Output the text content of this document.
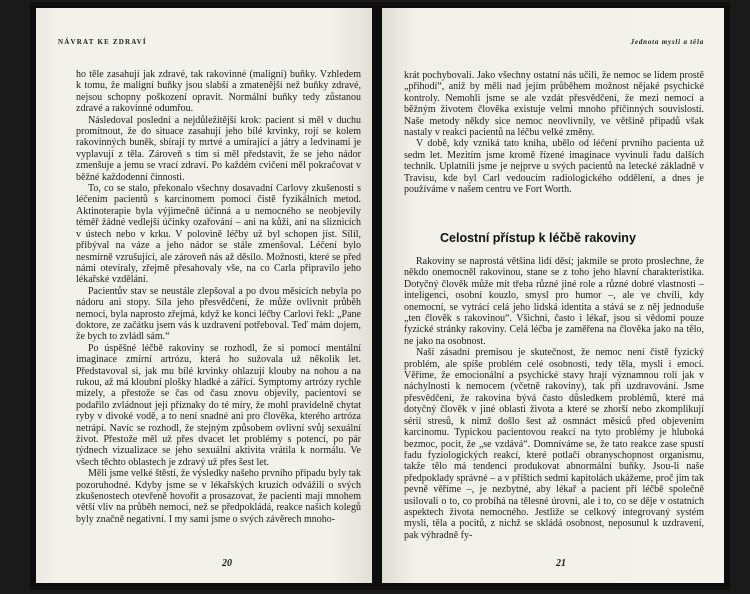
NÁVRAT KE ZDRAVÍ

ho těle zasahují jak zdravé, tak rakovinné (maligní) buňky. Vzhledem k tomu, že maligní buňky jsou slabší a zmatenější než buňky zdravé, nejsou schopny poškození opravit. Normální buňky tedy zůstanou zdravé a rakovinné odumřou.

Následoval poslední a nejdůležitější krok: pacient si měl v duchu promítnout, že do situace zasahují jeho bílé krvinky, rojí se kolem rakovinných buněk, sbírají ty mrtvé a umírající a játry a ledvinami je vyplavují z těla. Zároveň s tím si měl představit, že se jeho nádor zmenšuje a jemu se vrací zdraví. Po každém cvičení měl pokračovat v běžné každodenní činnosti.

To, co se stalo, překonalo všechny dosavadní Carlovy zkušenosti s léčením pacientů s karcinomem pomocí čistě fyzikálních metod. Aktinoterapie byla výjimečně účinná a u nemocného se neobjevily téměř žádné vedlejší účinky ozařování – ani na kůži, ani na sliznicích v ústech nebo v krku. V polovině léčby už byl schopen jíst. Sílil, přibýval na váze a jeho nádor se stále zmenšoval. Léčení bylo nesmírně vzrušující, ale zároveň nás až děsilo. Možnosti, které se před námi otevíraly, zřejmě přesahovaly vše, na co Carla připravilo jeho lékařské vzdělání.

Pacientův stav se neustále zlepšoval a po dvou měsících nebyla po nádoru ani stopy. Síla jeho přesvědčení, že může ovlivnit průběh nemoci, byla naprosto zřejmá, když ke konci léčby Carlovi řekl: „Pane doktore, ze začátku jsem vás k uzdravení potřeboval. Teď mám dojem, že bych to zvládl sám.“

Po úspěšné léčbě rakoviny se rozhodl, že si pomocí mentální imaginace zmírní artrózu, která ho sužovala už několik let. Představoval si, jak mu bílé krvinky ohlazují klouby na nohou a na rukou, až má kloubní plošky hladké a zářící. Symptomy artrózy rychle mizely, a přestože se čas od času znovu objevily, pacientovi se podařilo zvládnout její příznaky do té míry, že mohl pravidelně chytat ryby v divoké vodě, a to není snadné ani pro člověka, kterého artróza netrápí. Navíc se rozhodl, že stejným způsobem ovlivní svůj sexuální život. Přestože měl už přes dvacet let problémy s potencí, po pár týdnech vizualizace se jeho sexuální aktivita vrátila k normálu. Ve všech těchto oblastech je zdravý už přes šest let.

Měli jsme velké štěstí, že výsledky našeho prvního případu byly tak pozoruhodné. Kdyby jsme se v lékařských kruzích odvážili o svých zkušenostech otevřeně hovořit a prosazovat, že pacienti mají mnohem větší vliv na průběh nemoci, než se předpokládá, reakce našich kolegů byly značně negativní. I my sami jsme o svých závěrech mnoho-

20
Jednota mysli a těla

krát pochybovali. Jako všechny ostatní nás učili, že nemoc se lidem prostě „přihodí“, aniž by měli nad jejím průběhem možnost nějaké psychické kontroly. Nemohli jsme se ale vzdát přesvědčení, že mezi nemocí a běžným životem člověka existuje velmi mnoho příčinných souvislostí. Naše metody někdy sice nemoc neovlivnily, ve většině případů však nastaly v reakci pacientů na léčbu velké změny.

V době, kdy vzniká tato kniha, ubělo od léčení prvního pacienta už sedm let. Mezitím jsme kromě řízené imaginace vyvinuli řadu dalších technik. Uplatnili jsme je nejprve u svých pacientů na letecké základně v Travisu, kde byl Carl vedoucím radiologického oddělení, a dnes je používáme v našem centru ve Fort Worth.

Celostní přístup k léčbě rakoviny

Rakoviny se naprostá většina lidí děsí; jakmile se proto proslechne, že někdo onemocněl rakovinou, stane se z toho jeho hlavní charakteristika. Dotyčný člověk může mít třeba různé jiné role a různé dobré vlastnosti – inteligenci, osobní kouzlo, smysl pro humor –, ale ve chvíli, kdy onemocní, se vytrácí celá jeho lidská identita a stává se z něj jednoduše „ten člověk s rakovinou“. Všichni, často i lékař, jsou si vědomi pouze fyzické stránky rakoviny. Celá léčba je zaměřena na člověka jako na tělo, ne jako na osobnost.

Naší zásadní premisou je skutečnost, že nemoc není čistě fyzický problém, ale spíše problém celé osobnosti, tedy těla, mysli i emocí. Věříme, že emocionální a psychické stavy hrají významnou roli jak v náchylnosti k nemocem (včetně rakoviny), tak při uzdravování. Jsme přesvědčeni, že rakovina bývá často důsledkem problémů, které má dotyčný člověk v jiné oblasti života a které se zhorší nebo zkomplikují sérií stresů, k nimž došlo šest až osmnáct měsíců před objevením karcinomu. Typickou pacientovou reakcí na tyto problémy je hluboká bezmoc, pocit, že „se vzdává“. Domníváme se, že tato reakce zase spustí řadu fyziologických reakcí, které potlačí obranyschopnost organismu, takže tělo má tendenci produkovat abnormální buňky. Jsou-li naše předpoklady správné – a v příštích sedmi kapitolách ukážeme, proč jim tak pevně věříme –, je nezbytné, aby lékař a pacient při léčbě společně usilovali o to, co probíhá na tělesné úrovni, ale i to, co se děje v ostatních aspektech života nemocného. Jestliže se celkový integrovaný systém mysli, těla a pocitů, z nichž se skládá osobnost, neposunul k uzdravení, pak výhradně fy-

21
